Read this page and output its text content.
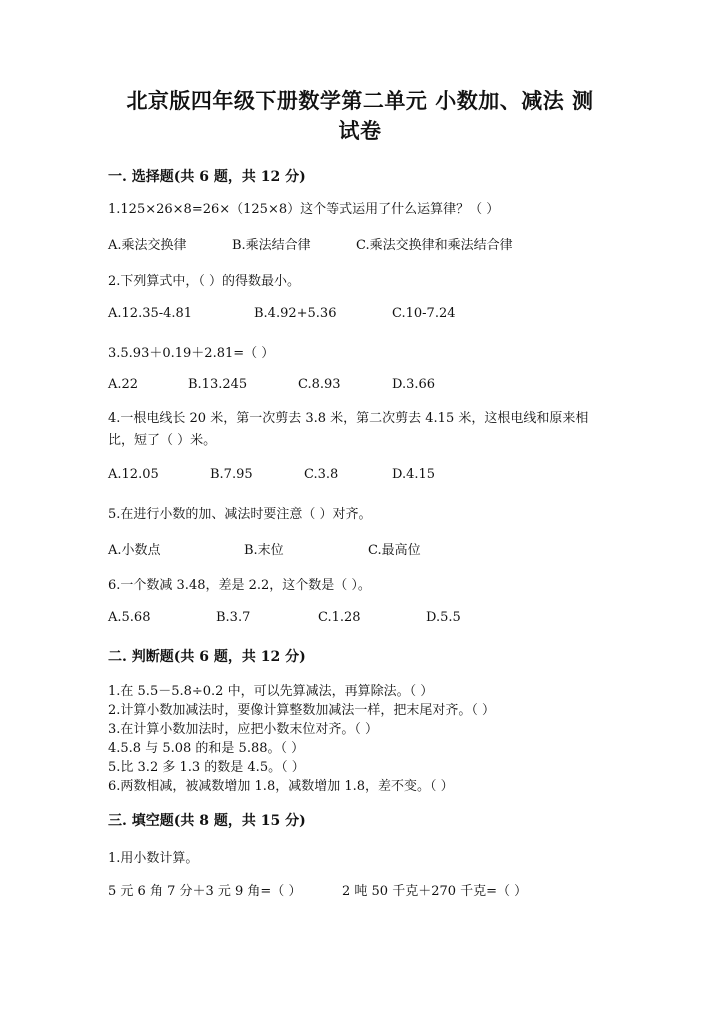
北京版四年级下册数学第二单元 小数加、减法 测
试卷
一. 选择题(共 6 题，共 12 分)
1.125×26×8=26×（125×8）这个等式运用了什么运算律？（ ）
A.乘法交换律	B.乘法结合律	C.乘法交换律和乘法结合律
2.下列算式中，（ ）的得数最小。
A.12.35-4.81	B.4.92+5.36	C.10-7.24
3.5.93＋0.19＋2.81=（ ）
A.22	B.13.245	C.8.93	D.3.66
4.一根电线长 20 米，第一次剪去 3.8 米，第二次剪去 4.15 米，这根电线和原来相比，短了（ ）米。
A.12.05	B.7.95	C.3.8	D.4.15
5.在进行小数的加、减法时要注意（ ）对齐。
A.小数点	B.末位	C.最高位
6.一个数减 3.48，差是 2.2，这个数是（ ）。
A.5.68	B.3.7	C.1.28	D.5.5
二. 判断题(共 6 题，共 12 分)
1.在 5.5－5.8÷0.2 中，可以先算减法，再算除法。（ ）
2.计算小数加减法时，要像计算整数加减法一样，把末尾对齐。（ ）
3.在计算小数加法时，应把小数末位对齐。（ ）
4.5.8 与 5.08 的和是 5.88。（ ）
5.比 3.2 多 1.3 的数是 4.5。（ ）
6.两数相减，被减数增加 1.8，减数增加 1.8，差不变。（ ）
三. 填空题(共 8 题，共 15 分)
1.用小数计算。
5 元 6 角 7 分＋3 元 9 角=（ ）	2 吨 50 千克＋270 千克=（ ）
